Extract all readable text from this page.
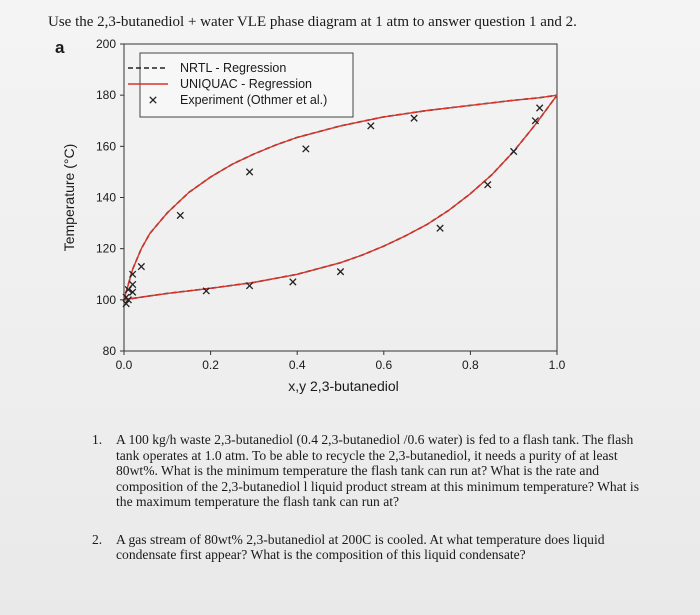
Use the 2,3-butanediol + water VLE phase diagram at 1 atm to answer question 1 and 2.
a
80
100
120
140
160
180
200
0.0	0.2	0.4	0.6	0.8	1.0
x,y 2,3-butanediol
Temperature (°C)
NRTL - Regression
UNIQUAC - Regression
Experiment (Othmer et al.)
1. A 100 kg/h waste 2,3-butanediol (0.4 2,3-butanediol /0.6 water) is fed to a flash tank. The flash tank operates at 1.0 atm. To be able to recycle the 2,3-butanediol, it needs a purity of at least 80wt%. What is the minimum temperature the flash tank can run at? What is the rate and composition of the 2,3-butanediol l liquid product stream at this minimum temperature? What is the maximum temperature the flash tank can run at?
2. A gas stream of 80wt% 2,3-butanediol at 200C is cooled. At what temperature does liquid condensate first appear? What is the composition of this liquid condensate?
